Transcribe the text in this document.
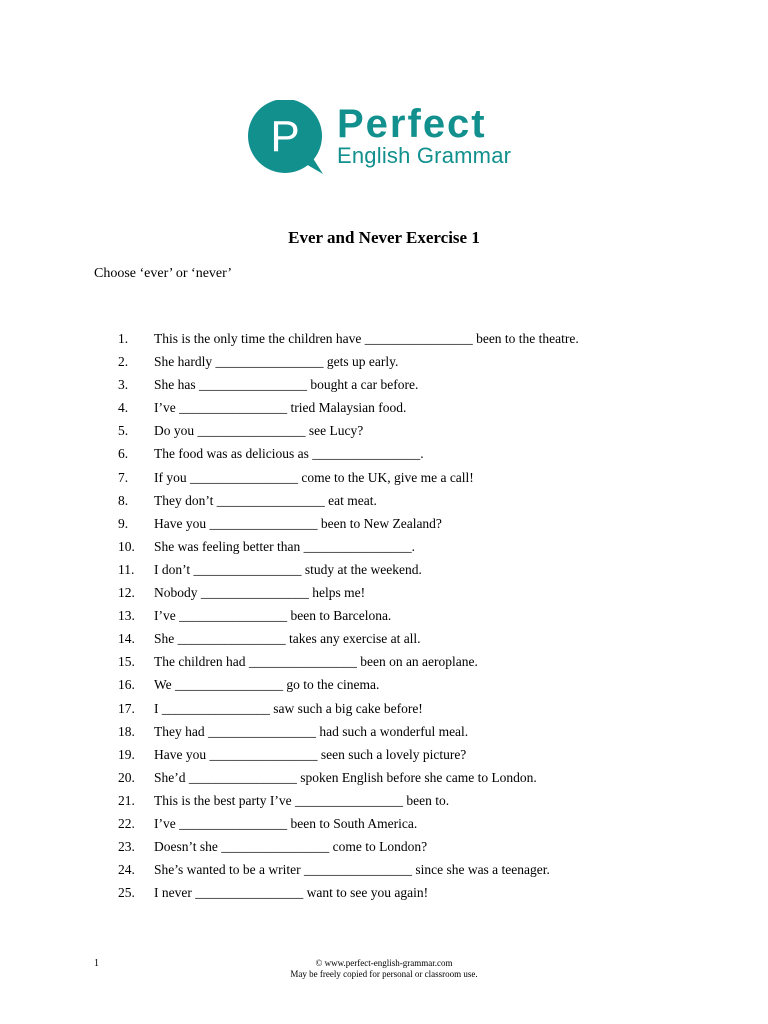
P Perfect
English Grammar
Ever and Never Exercise 1
Choose ‘ever’ or ‘never’
1. This is the only time the children have ________________ been to the theatre.
2. She hardly ________________ gets up early.
3. She has ________________ bought a car before.
4. I’ve ________________ tried Malaysian food.
5. Do you ________________ see Lucy?
6. The food was as delicious as ________________.
7. If you ________________ come to the UK, give me a call!
8. They don’t ________________ eat meat.
9. Have you ________________ been to New Zealand?
10. She was feeling better than ________________.
11. I don’t ________________ study at the weekend.
12. Nobody ________________ helps me!
13. I’ve ________________ been to Barcelona.
14. She ________________ takes any exercise at all.
15. The children had ________________ been on an aeroplane.
16. We ________________ go to the cinema.
17. I ________________ saw such a big cake before!
18. They had ________________ had such a wonderful meal.
19. Have you ________________ seen such a lovely picture?
20. She’d ________________ spoken English before she came to London.
21. This is the best party I’ve ________________ been to.
22. I’ve ________________ been to South America.
23. Doesn’t she ________________ come to London?
24. She’s wanted to be a writer ________________ since she was a teenager.
25. I never ________________ want to see you again!
1	© www.perfect-english-grammar.com
May be freely copied for personal or classroom use.
